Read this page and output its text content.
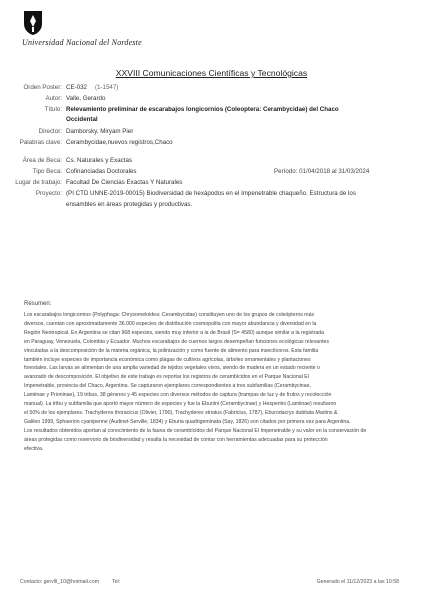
Universidad Nacional del Nordeste
XXVIII Comunicaciones Científicas y Tecnológicas
Orden Poster: CE-032 (1-1547)
Autor: Valle, Gerardo
Título: Relevamiento preliminar de escarabajos longicornios (Coleoptera: Cerambycidae) del Chaco
Occidental
Director: Damborsky, Miryam Pier
Palabras clave: Cerambycidae,nuevos registros,Chaco
Área de Beca: Cs. Naturales y Exactas
Tipo Beca: Cofinanciadas Doctorales	Período: 01/04/2018 al 31/03/2024
Lugar de trabajo: Facultad De Ciencias Exactas Y Naturales
Proyecto: (PI CTD UNNE-2019-00015) Biodiversidad de hexápodos en el Impenetrable chaqueño. Estructura de los
ensambles en áreas protegidas y productivas.
Resumen:
Los escarabajos longicornios (Polyphaga: Chrysomeloidea: Cerambycidae) constituyen uno de los grupos de coleópteros más
diversos, cuentan con aproximadamente 36.000 especies de distribución cosmopolita con mayor abundancia y diversidad en la
Región Neotropical. En Argentina se citan 968 especies, siendo muy inferior a la de Brasil (S= 4580) aunque similar a la registrada
en Paraguay, Venezuela, Colombia y Ecuador. Muchos escarabajos de cuernos largos desempeñan funciones ecológicas relevantes
vinculadas a la descomposición de la materia orgánica, la polinización y como fuente de alimento para insectívoros. Esta familia
también incluye especies de importancia económica como plagas de cultivos agrícolas, árboles ornamentales y plantaciones
forestales. Las larvas se alimentan de una amplia variedad de tejidos vegetales vivos, siendo de madera en un estado reciente o
avanzado de descomposición. El objetivo de este trabajo es reportar los registros de cerambícidos en el Parque Nacional El
Impenetrable, provincia del Chaco, Argentina. Se capturaron ejemplares correspondientes a tres subfamilias (Cerambycinae,
Lamiinae y Prioninae), 19 tribus, 38 géneros y 45 especies con diversos métodos de captura (trampas de luz y de frutos y recolección
manual). La tribu y subfamilia que aportó mayor número de especies y fue la Eburiini (Cerambycinae) y Hesperiini (Lamiinae) resultaron
el 50% de los ejemplares. Trachyderes thoracicus (Olivier, 1790), Trachyderes striatus (Fabricius, 1787), Eburodacrys dubitata Martins &
Galileo 1999, Sphaerion cyanipenne (Audinet-Serville, 1834) y Eburia quadrigeminata (Say, 1826) son citados por primera vez para Argentina.
Los resultados obtenidos aportan al conocimiento de la fauna de cerambícidos del Parque Nacional El Impenetrable y su valor en la conservación de
áreas protegidas como reservorio de biodiversidad y resalta la necesidad de contar con herramientas adecuadas para su protección
efectiva.
Contacto: gervlll_10@hotmail.com Tel:	Generado el 11/12/2023 a las 10:58
